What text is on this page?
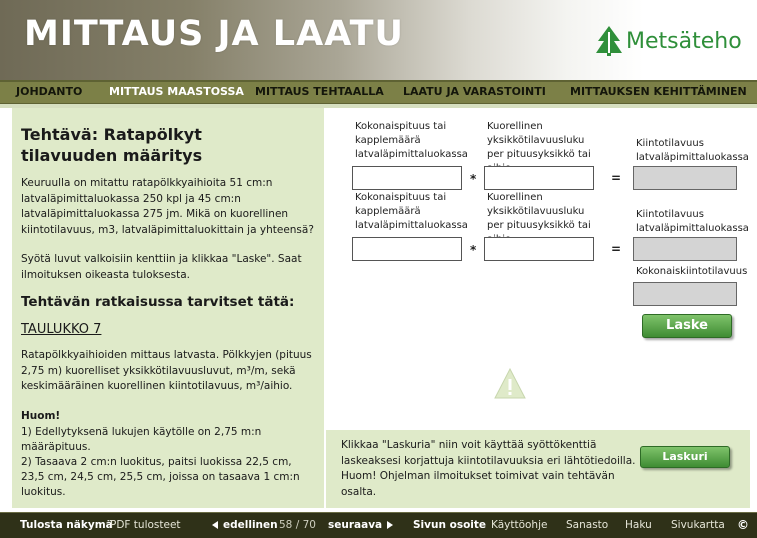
MITTAUS JA LAATU	Metsäteho
JOHDANTO MITTAUS MAASTOSSA MITTAUS TEHTAALLA LAATU JA VARASTOINTI MITTAUKSEN KEHITTÄMINEN
Tehtävä: Ratapölkyt
tilavuuden määritys
Keuruulla on mitattu ratapölkkyaihioita 51 cm:n latvaläpimittaluokassa 250 kpl ja 45 cm:n latvaläpimittaluokassa 275 jm. Mikä on kuorellinen kiintotilavuus, m3, latvaläpimittaluokittain ja yhteensä?
Syötä luvut valkoisiin kenttiin ja klikkaa "Laske". Saat ilmoituksen oikeasta tuloksesta.
Tehtävän ratkaisussa tarvitset tätä:
TAULUKKO 7
Ratapölkkyaihioiden mittaus latvasta. Pölkkyjen (pituus 2,75 m) kuorelliset yksikkötilavuusluvut, m³/m, sekä keskimääräinen kuorellinen kiintotilavuus, m³/aihio.
Huom!
1) Edellytyksenä lukujen käytölle on 2,75 m:n määräpituus.
2) Tasaava 2 cm:n luokitus, paitsi luokissa 22,5 cm,
23,5 cm, 24,5 cm, 25,5 cm, joissa on tasaava 1 cm:n
luokitus.
Kokonaispituus tai kapplemäärä latvaläpimittaluokassa
Kuorellinen yksikkötilavuusluku per pituusyksikkö tai
Kiintotilavuus latvaläpimittaluokassa
*	=
Kokonaispituus tai kapplemäärä latvaläpimittaluokassa
Kuorellinen yksikkötilavuusluku per pituusyksikkö tai
Kiintotilavuus latvaläpimittaluokassa
*	=
Kokonaiskiintotilavuus
Laske
Klikkaa "Laskuria" niin voit käyttää syöttökenttiä laskeaksesi korjattuja kiintotilavuuksia eri lähtötiedoilla. Huom! Ohjelman ilmoitukset toimivat vain tehtävän osalta.
Laskuri
Tulosta näkymä
PDF tulosteet	edellinen 58 / 70 seuraava	Sivun osoite Käyttöohje Sanasto Haku Sivukartta ©
